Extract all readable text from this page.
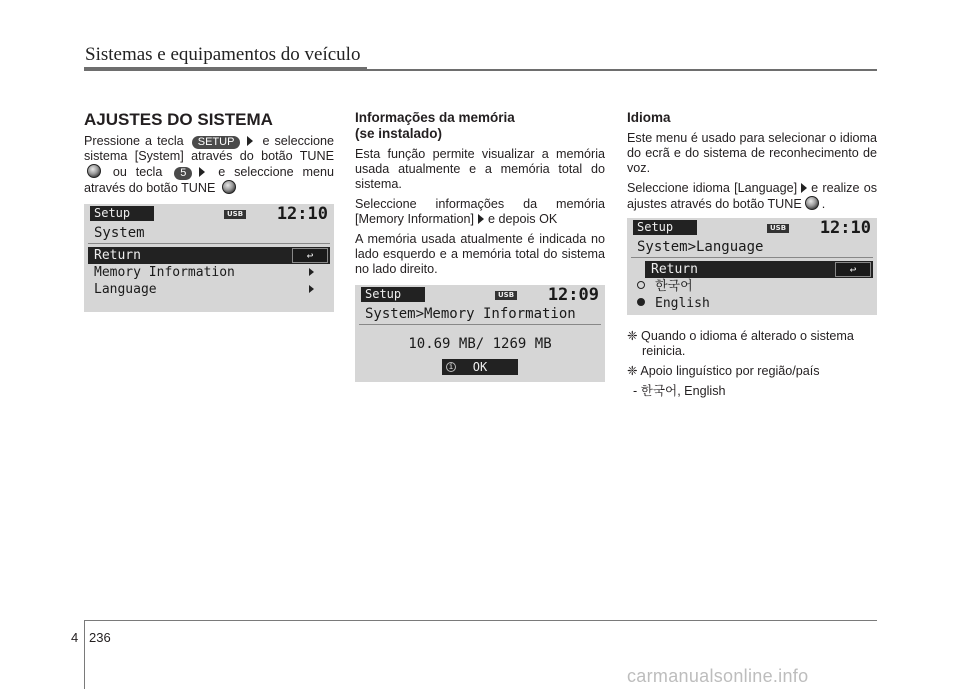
Sistemas e equipamentos do veículo
AJUSTES DO SISTEMA

Pressione a tecla SETUP e seleccione sistema [System] através do botão TUNE  ou tecla 5	e seleccione menu através do botão TUNE

Setup	USB 12:10
System
Return	↩
Memory Information
Language
Informações da memória
(se instalado)

Esta função permite visualizar a memória usada atualmente e a memória total do sistema.

Seleccione informações da memória [Memory Information] e depois OK

A memória usada atualmente é indicada no lado esquerdo e a memória total do sistema no lado direito.

Setup	USB 12:09
System>Memory Information
10.69 MB/ 1269 MB
i OK
Idioma

Este menu é usado para selecionar o idioma do ecrã e do sistema de reconhecimento de voz.

Seleccione idioma [Language] e realize os ajustes através do botão TUNE .

Setup	USB 12:10
System>Language
Return	↩
한국어
English

❈ Quando o idioma é alterado o sistema reinicia.

❈ Apoio linguístico por região/país

- 한국어, English
4 236
carmanualsonline.info
